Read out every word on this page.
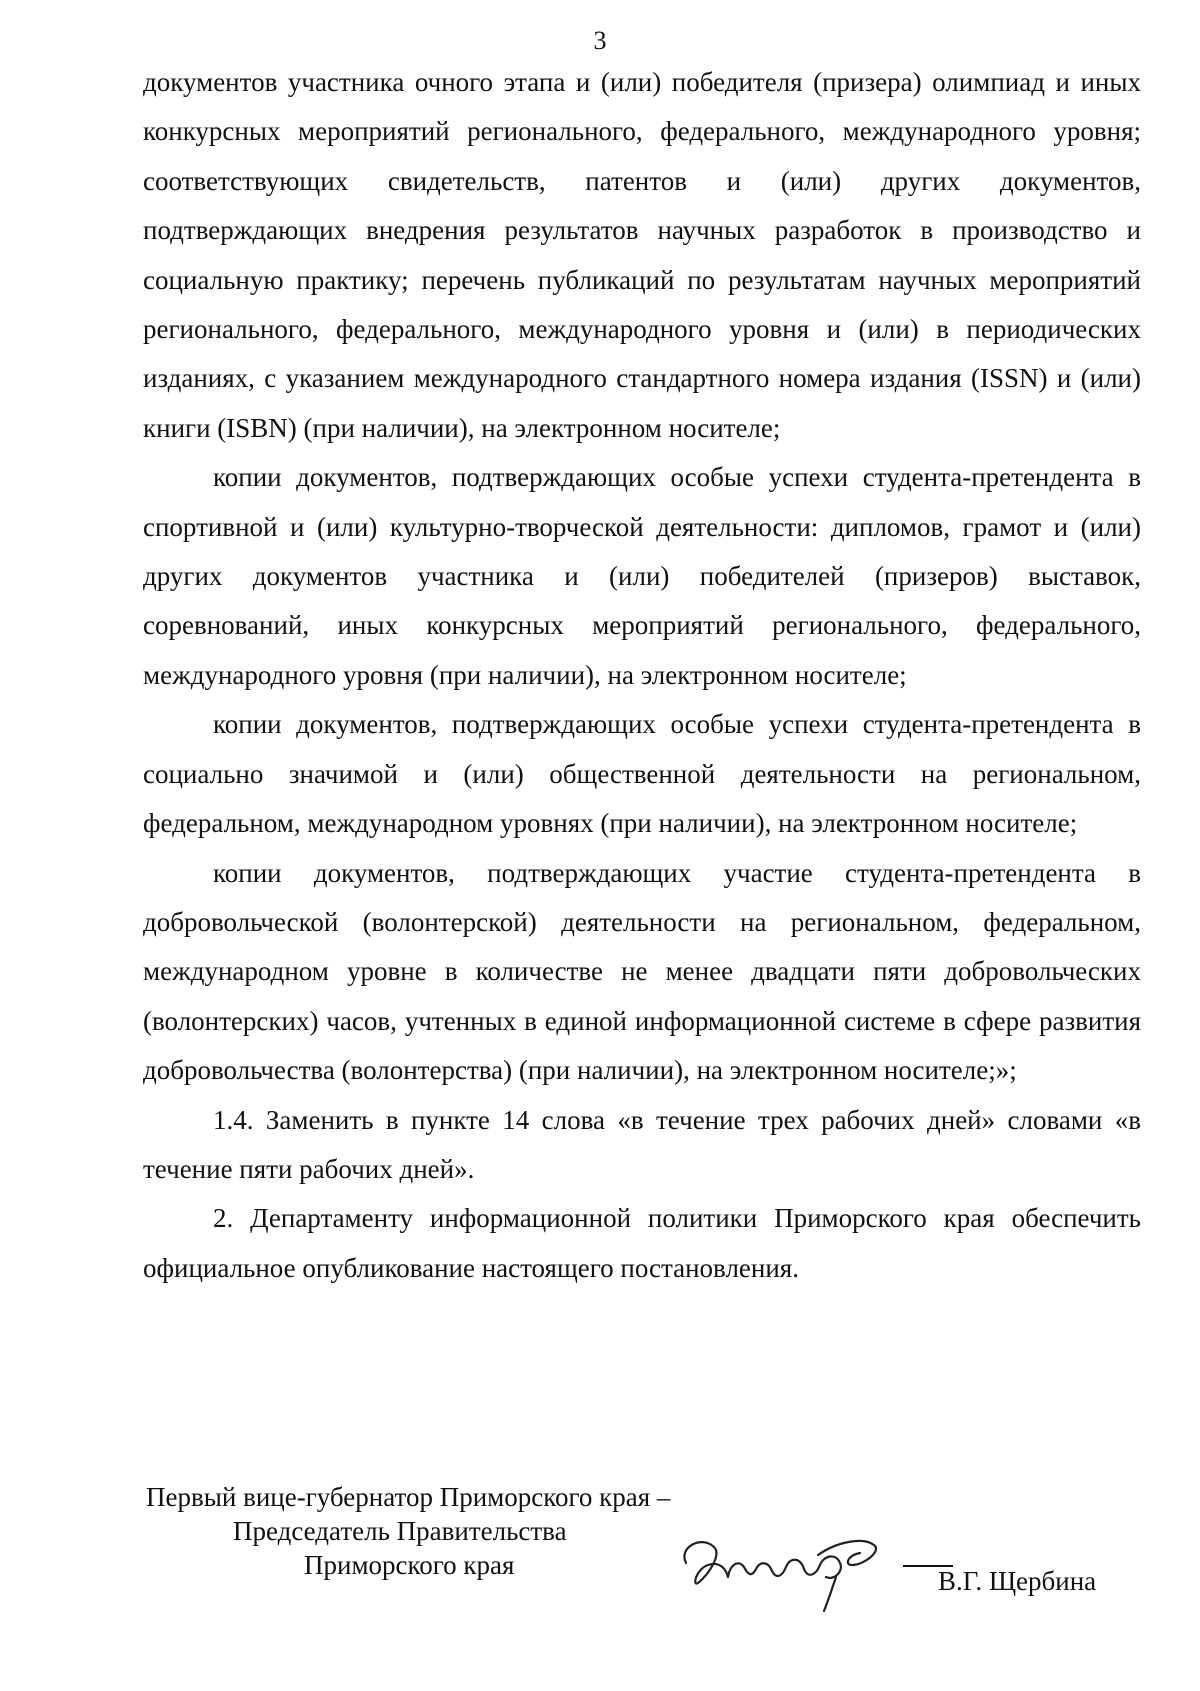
3

документов участника очного этапа и (или) победителя (призера) олимпиад и иных конкурсных мероприятий регионального, федерального, международного уровня; соответствующих свидетельств, патентов и (или) других документов, подтверждающих внедрения результатов научных разработок в производство и социальную практику; перечень публикаций по результатам научных мероприятий регионального, федерального, международного уровня и (или) в периодических изданиях, с указанием международного стандартного номера издания (ISSN) и (или) книги (ISBN) (при наличии), на электронном носителе;

копии документов, подтверждающих особые успехи студента-претендента в спортивной и (или) культурно-творческой деятельности: дипломов, грамот и (или) других документов участника и (или) победителей (призеров) выставок, соревнований, иных конкурсных мероприятий регионального, федерального, международного уровня (при наличии), на электронном носителе;

копии документов, подтверждающих особые успехи студента-претендента в социально значимой и (или) общественной деятельности на региональном, федеральном, международном уровнях (при наличии), на электронном носителе;

копии документов, подтверждающих участие студента-претендента в добровольческой (волонтерской) деятельности на региональном, федеральном, международном уровне в количестве не менее двадцати пяти добровольческих (волонтерских) часов, учтенных в единой информационной системе в сфере развития добровольчества (волонтерства) (при наличии), на электронном носителе;»;

1.4. Заменить в пункте 14 слова «в течение трех рабочих дней» словами «в течение пяти рабочих дней».

2. Департаменту информационной политики Приморского края обеспечить официальное опубликование настоящего постановления.

Первый вице-губернатор Приморского края –
Председатель Правительства
Приморского края
В.Г. Щербина
